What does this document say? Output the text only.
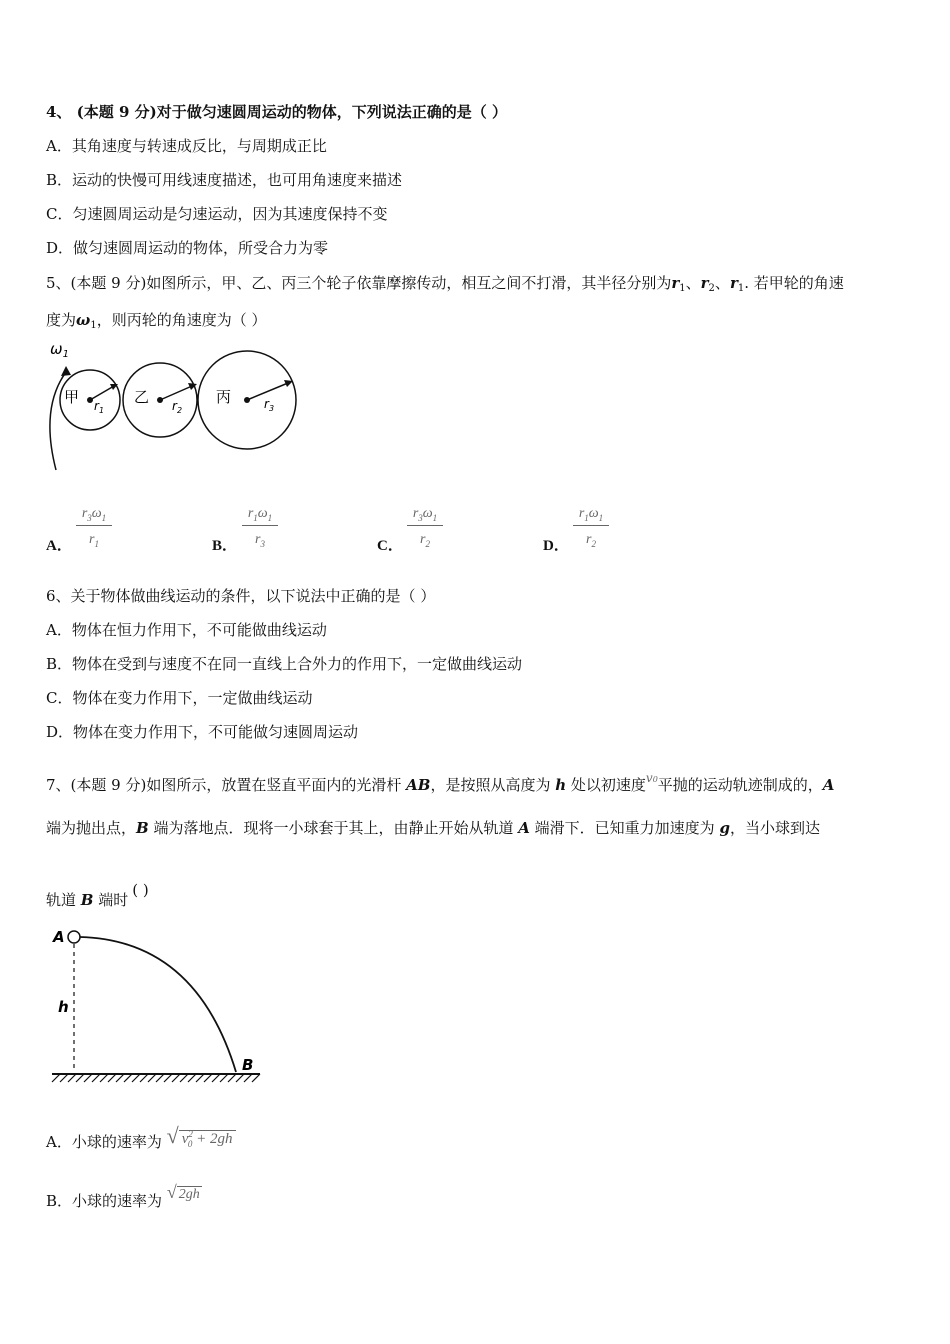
4、 (本题 9 分)对于做匀速圆周运动的物体，下列说法正确的是（ ）
A．其角速度与转速成反比，与周期成正比
B．运动的快慢可用线速度描述，也可用角速度来描述
C．匀速圆周运动是匀速运动，因为其速度保持不变
D．做匀速圆周运动的物体，所受合力为零
5、(本题 9 分)如图所示，甲、乙、丙三个轮子依靠摩擦传动，相互之间不打滑，其半径分别为$r_1$、$r_2$、$r_1$. 若甲轮的角速
度为$\omega_1$，则丙轮的角速度为（ ）
$\omega_1$
甲 $r_1$
乙 $r_2$
丙	$r_3$
A． $\frac{r_3\omega_1}{r_1}$	B． $\frac{r_1\omega_1}{r_3}$	C． $\frac{r_3\omega_1}{r_2}$	D． $\frac{r_1\omega_1}{r_2}$
6、关于物体做曲线运动的条件，以下说法中正确的是（ ）
A．物体在恒力作用下，不可能做曲线运动
B．物体在受到与速度不在同一直线上合外力的作用下，一定做曲线运动
C．物体在变力作用下，一定做曲线运动
D．物体在变力作用下，不可能做匀速圆周运动
7、(本题 9 分)如图所示，放置在竖直平面内的光滑杆 AB，是按照从高度为 h 处以初速度$^{v0}$平抛的运动轨迹制成的，A
端为抛出点，B 端为落地点．现将一小球套于其上，由静止开始从轨道 A 端滑下．已知重力加速度为 g，当小球到达
轨道 B 端时( )
A
h
B
A．小球的速率为 √ $v^2_0 + 2gh$
B．小球的速率为 √ 2gh
